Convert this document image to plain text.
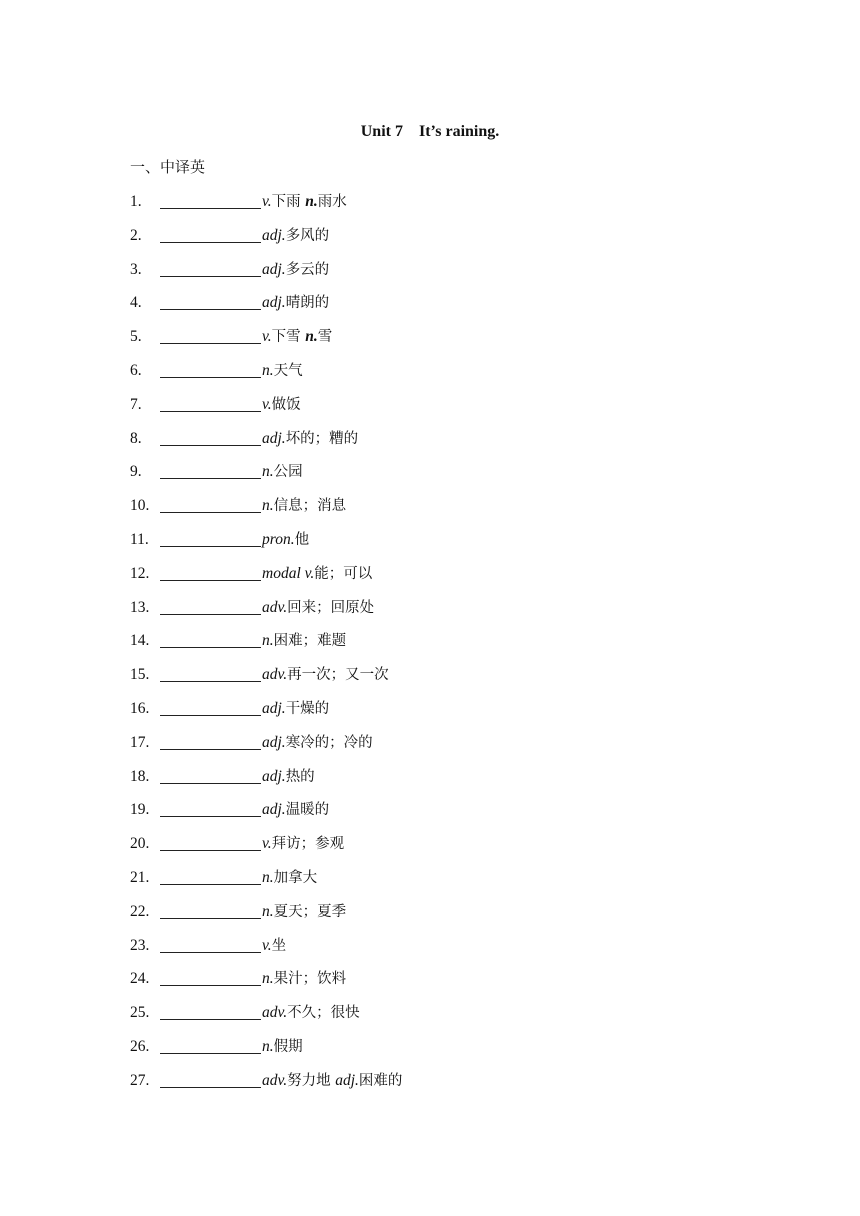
Unit 7    It’s raining.
一、中译英
1.	v.下雨 n.雨水
2.	adj.多风的
3.	adj.多云的
4.	adj.晴朗的
5.	v.下雪 n.雪
6.	n.天气
7.	v.做饭
8.	adj.坏的；糟的
9.	n.公园
10.	n.信息；消息
11.	pron.他
12.	modal v.能；可以
13.	adv.回来；回原处
14.	n.困难；难题
15.	adv.再一次；又一次
16.	adj.干燥的
17.	adj.寒冷的；冷的
18.	adj.热的
19.	adj.温暖的
20.	v.拜访；参观
21.	n.加拿大
22.	n.夏天；夏季
23.	v.坐
24.	n.果汁；饮料
25.	adv.不久；很快
26.	n.假期
27.	adv.努力地 adj.困难的
